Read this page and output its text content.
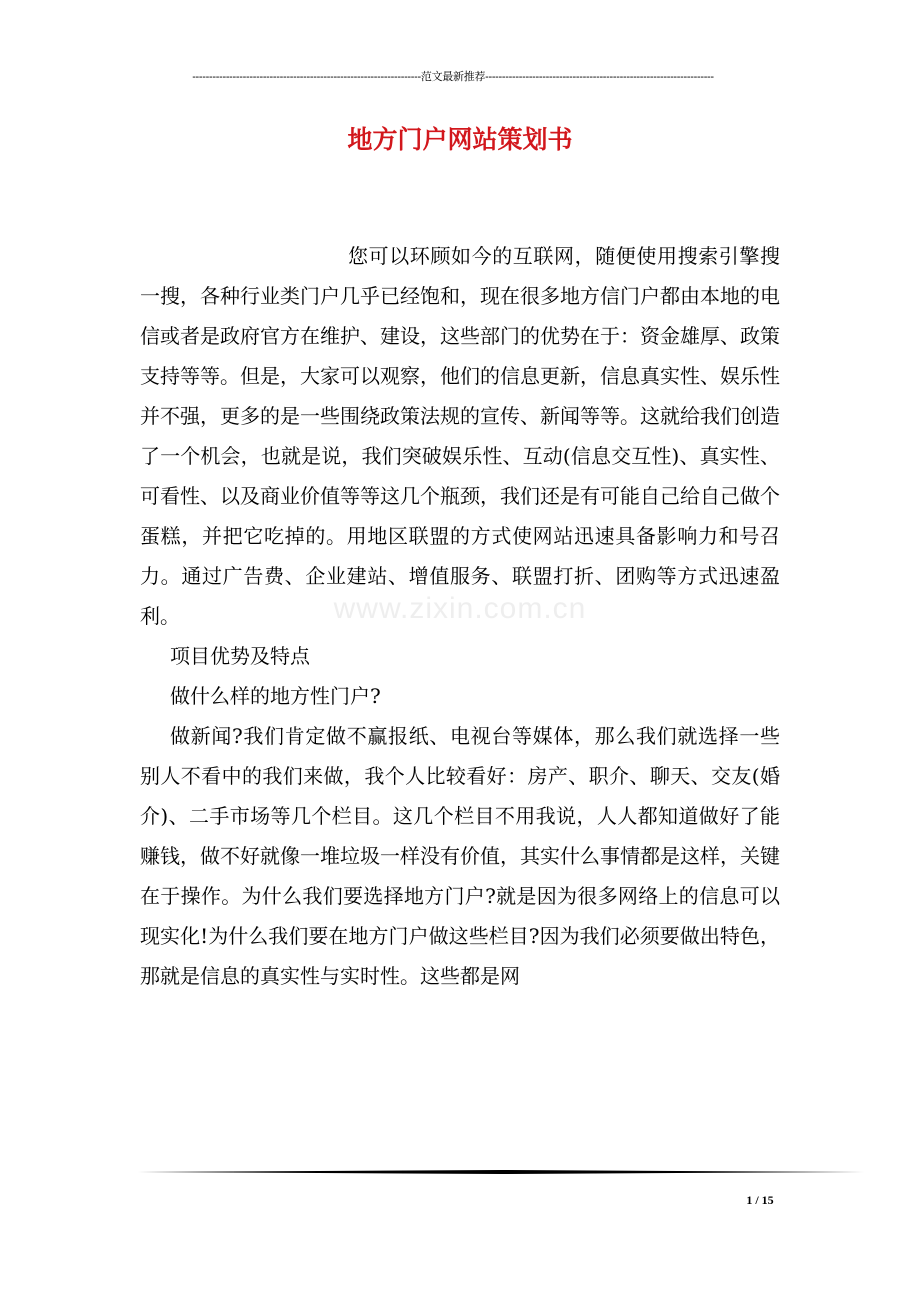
--------------------------------------------------------------------范文最新推荐--------------------------------------------------------------------
地方门户网站策划书

您可以环顾如今的互联网，随便使用搜索引擎搜一搜，各种行业类门户几乎已经饱和，现在很多地方信门户都由本地的电信或者是政府官方在维护、建设，这些部门的优势在于：资金雄厚、政策支持等等。但是，大家可以观察，他们的信息更新，信息真实性、娱乐性并不强，更多的是一些围绕政策法规的宣传、新闻等等。这就给我们创造了一个机会，也就是说，我们突破娱乐性、互动(信息交互性)、真实性、可看性、以及商业价值等等这几个瓶颈，我们还是有可能自己给自己做个蛋糕，并把它吃掉的。用地区联盟的方式使网站迅速具备影响力和号召力。通过广告费、企业建站、增值服务、联盟打折、团购等方式迅速盈利。

项目优势及特点

做什么样的地方性门户?

做新闻?我们肯定做不赢报纸、电视台等媒体，那么我们就选择一些别人不看中的我们来做，我个人比较看好：房产、职介、聊天、交友(婚介)、二手市场等几个栏目。这几个栏目不用我说，人人都知道做好了能赚钱，做不好就像一堆垃圾一样没有价值，其实什么事情都是这样，关键在于操作。为什么我们要选择地方门户?就是因为很多网络上的信息可以现实化!为什么我们要在地方门户做这些栏目?因为我们必须要做出特色，那就是信息的真实性与实时性。这些都是网

www.zixin.com.cn
1 / 15
